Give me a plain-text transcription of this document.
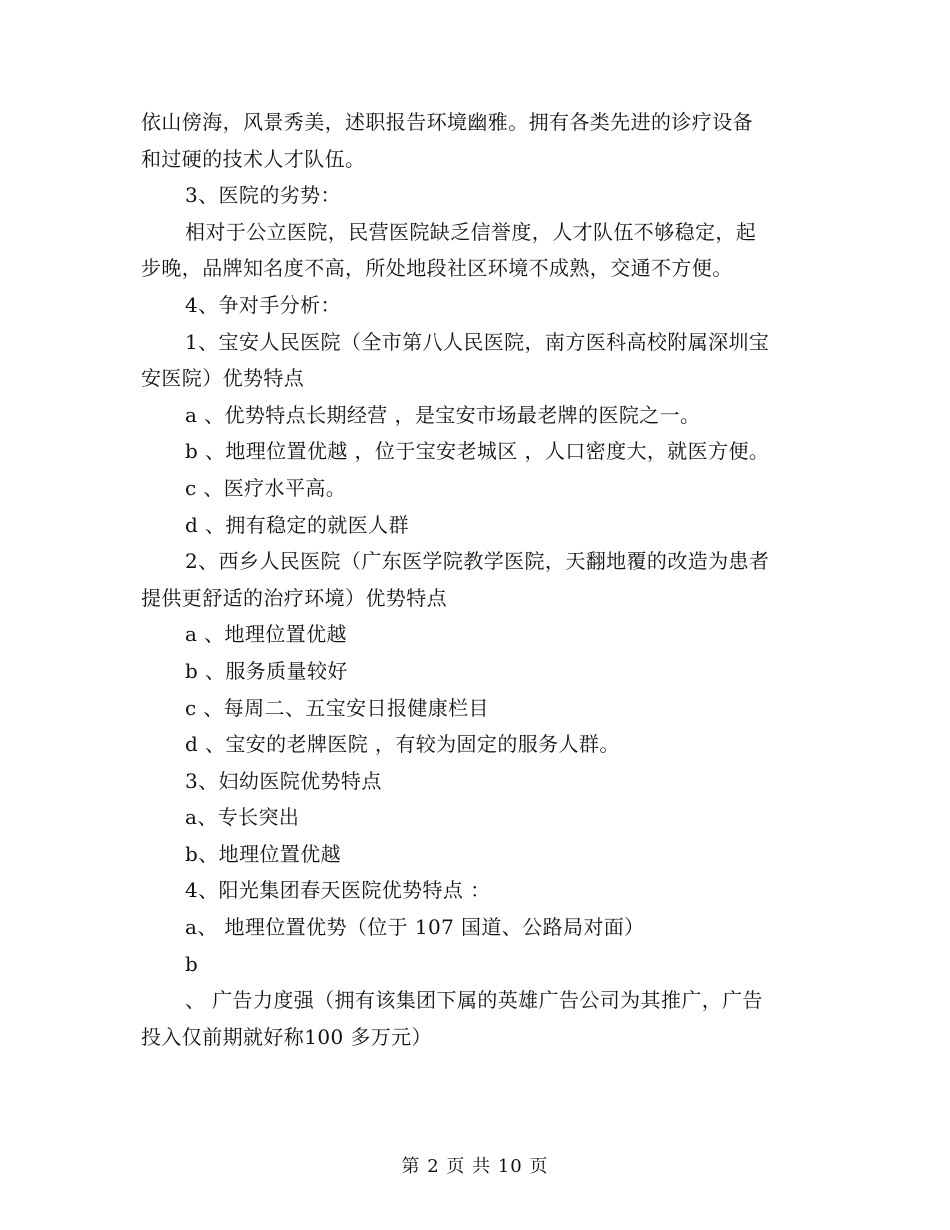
依山傍海，风景秀美，述职报告环境幽雅。拥有各类先进的诊疗设备
和过硬的技术人才队伍。
3、医院的劣势：
相对于公立医院，民营医院缺乏信誉度，人才队伍不够稳定，起
步晚，品牌知名度不高，所处地段社区环境不成熟，交通不方便。
4、争对手分析：
1、宝安人民医院（全市第八人民医院，南方医科高校附属深圳宝
安医院）优势特点
a 、优势特点长期经营 ，是宝安市场最老牌的医院之一。
b 、地理位置优越 ，位于宝安老城区 ，人口密度大，就医方便。
c 、医疗水平高。
d 、拥有稳定的就医人群
2、西乡人民医院（广东医学院教学医院，天翻地覆的改造为患者
提供更舒适的治疗环境）优势特点
a 、地理位置优越
b 、服务质量较好
c 、每周二、五宝安日报健康栏目
d 、宝安的老牌医院 ，有较为固定的服务人群。
3、妇幼医院优势特点
a、专长突出
b、地理位置优越
4、阳光集团春天医院优势特点 ：
a、 地理位置优势（位于 107 国道、公路局对面）
b
、 广告力度强（拥有该集团下属的英雄广告公司为其推广，广告
投入仅前期就好称100 多万元）
第 2 页 共 10 页
